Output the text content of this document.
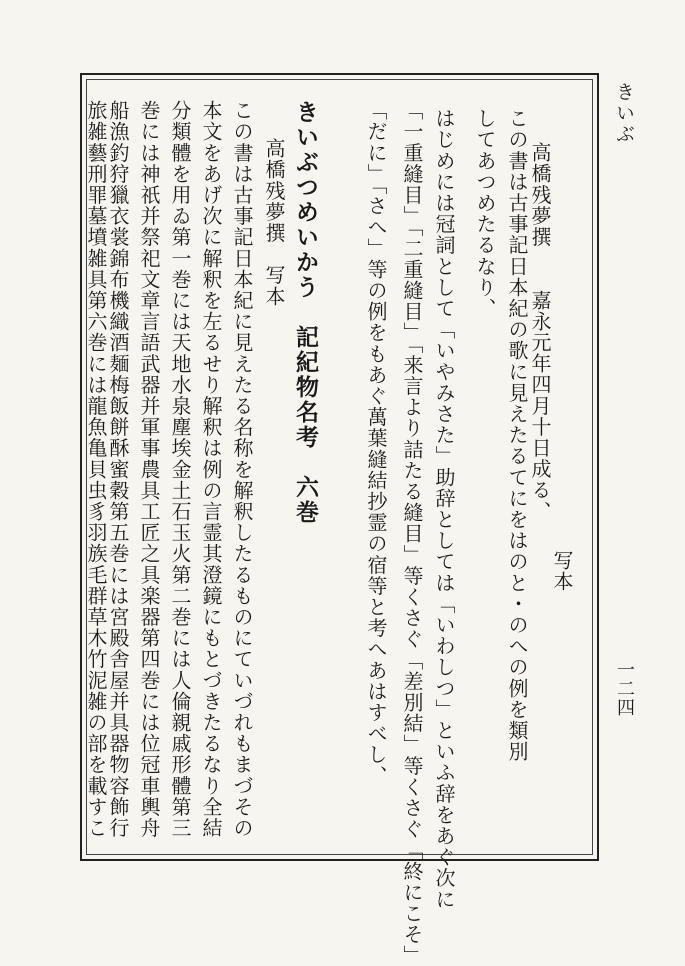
きいぶ
一二四
写本
高橋残夢撰　　嘉永元年四月十日成る、
この書は古事記日本紀の歌に見えたるてにをはのと・のへの例を類別
してあつめたるなり、
はじめには冠詞として「いやみさた」助辞としては「いわしつ」といふ辞をあぐ次に
「一重縫目」「二重縫目」「来言より詰たる縫目」等くさぐ「差別結」等くさぐ「終にこそ」
「だに」「さへ」等の例をもあぐ萬葉縫結抄霊の宿等と考へあはすべし、
きいぶつめいかう　記紀物名考　六巻
高橋残夢撰　写本
この書は古事記日本紀に見えたる名称を解釈したるものにていづれもまづその
本文をあげ次に解釈を左るせり解釈は例の言霊其澄鏡にもとづきたるなり全結
分類體を用ゐ第一巻には天地水泉塵埃金土石玉火第二巻には人倫親戚形體第三
巻には神祇并祭祀文章言語武器并軍事農具工匠之具楽器第四巻には位冠車輿舟
船漁釣狩獵衣裳錦布機織酒麺梅飯餅酥蜜穀第五巻には宮殿舎屋并具器物容飾行
旅雑藝刑罪墓墳雑具第六巻には龍魚亀貝虫豸羽族毛群草木竹泥雑の部を載すこ
